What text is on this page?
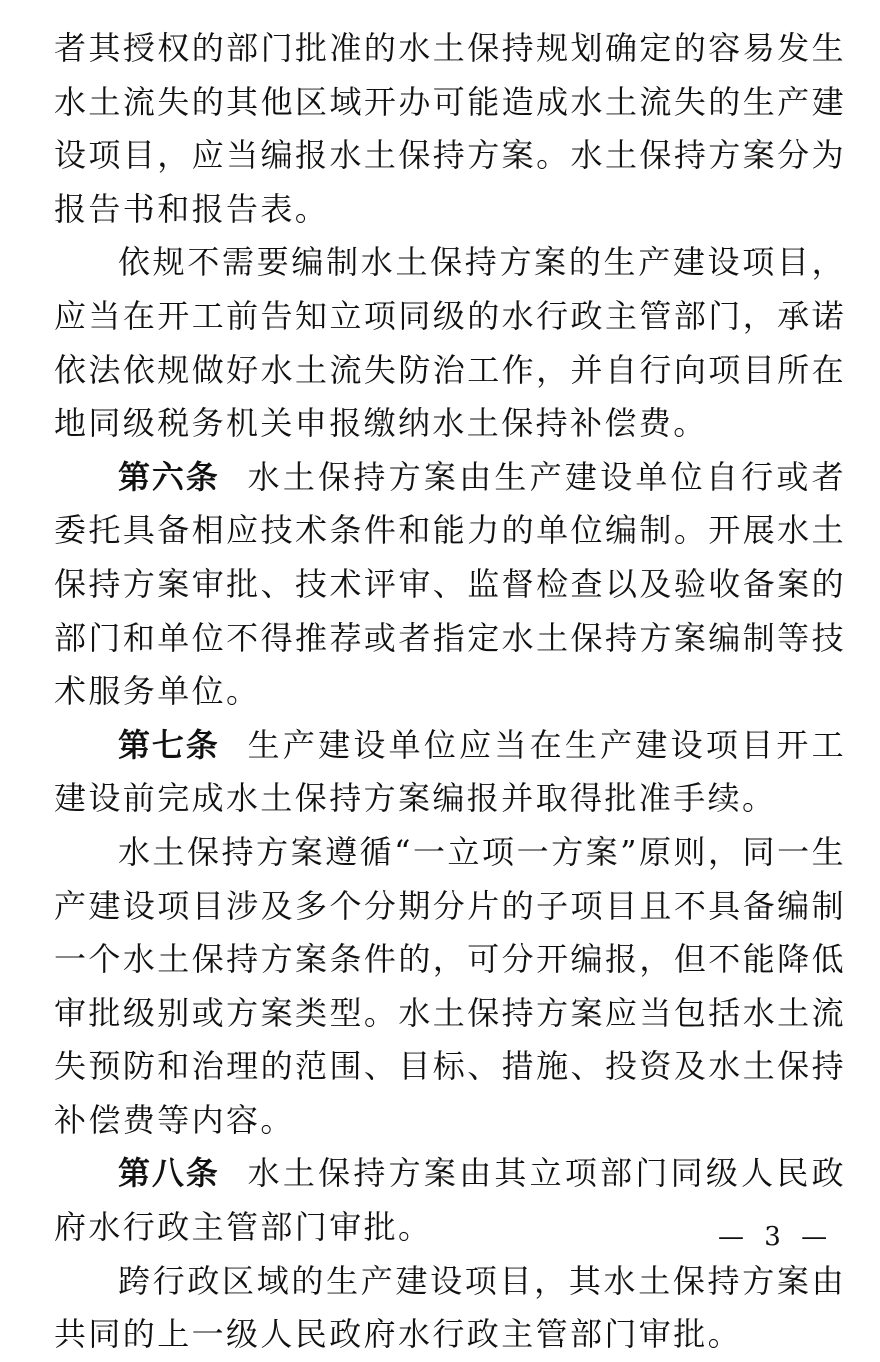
者其授权的部门批准的水土保持规划确定的容易发生水土流失的其他区域开办可能造成水土流失的生产建设项目，应当编报水土保持方案。水土保持方案分为报告书和报告表。

依规不需要编制水土保持方案的生产建设项目，应当在开工前告知立项同级的水行政主管部门，承诺依法依规做好水土流失防治工作，并自行向项目所在地同级税务机关申报缴纳水土保持补偿费。

第六条 水土保持方案由生产建设单位自行或者委托具备相应技术条件和能力的单位编制。开展水土保持方案审批、技术评审、监督检查以及验收备案的部门和单位不得推荐或者指定水土保持方案编制等技术服务单位。

第七条 生产建设单位应当在生产建设项目开工建设前完成水土保持方案编报并取得批准手续。

水土保持方案遵循“一立项一方案”原则，同一生产建设项目涉及多个分期分片的子项目且不具备编制一个水土保持方案条件的，可分开编报，但不能降低审批级别或方案类型。水土保持方案应当包括水土流失预防和治理的范围、目标、措施、投资及水土保持补偿费等内容。

第八条 水土保持方案由其立项部门同级人民政府水行政主管部门审批。

跨行政区域的生产建设项目，其水土保持方案由共同的上一级人民政府水行政主管部门审批。

— 3 —
